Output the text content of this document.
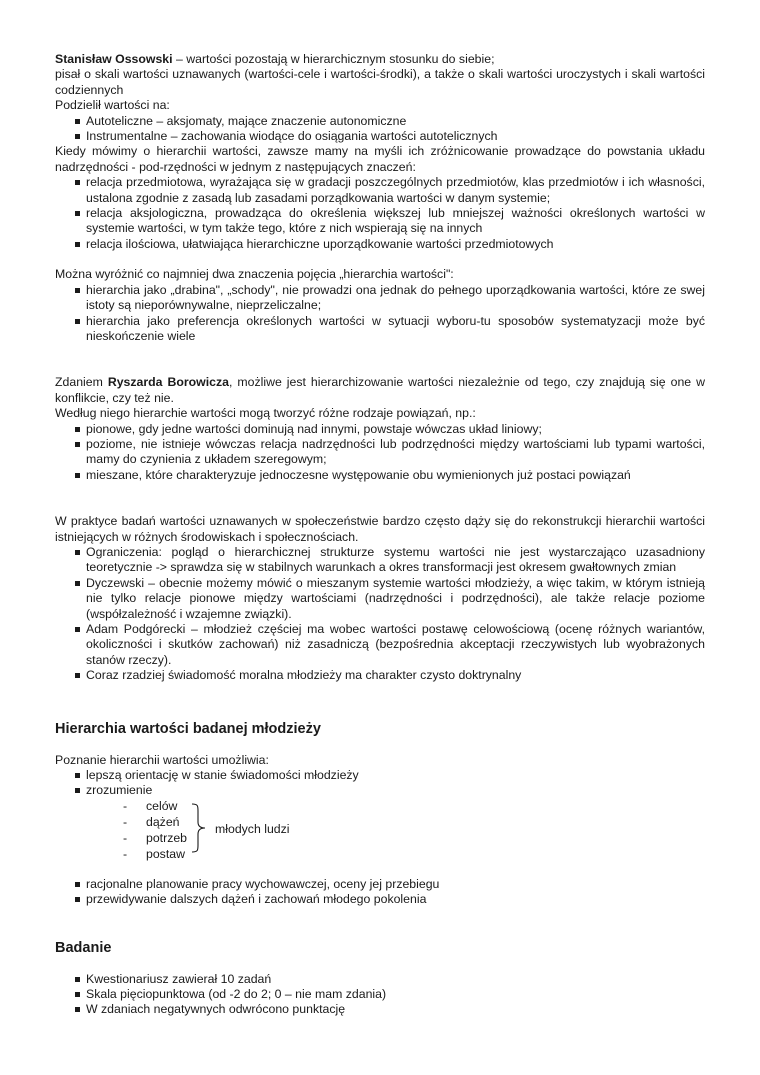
Stanisław Ossowski – wartości pozostają w hierarchicznym stosunku do siebie;

pisał o skali wartości uznawanych (wartości-cele i wartości-środki), a także o skali wartości uroczystych i skali wartości codziennych

Podzielił wartości na:

Autoteliczne – aksjomaty, mające znaczenie autonomiczne
Instrumentalne – zachowania wiodące do osiągania wartości autotelicznych

Kiedy mówimy o hierarchii wartości, zawsze mamy na myśli ich zróżnicowanie prowadzące do powstania układu nadrzędności - pod-rzędności w jednym z następujących znaczeń:

relacja przedmiotowa, wyrażająca się w gradacji poszczególnych przedmiotów, klas przedmiotów i ich własności, ustalona zgodnie z zasadą lub zasadami porządkowania wartości w danym systemie;
relacja aksjologiczna, prowadząca do określenia większej lub mniejszej ważności określonych wartości w systemie wartości, w tym także tego, które z nich wspierają się na innych
relacja ilościowa, ułatwiająca hierarchiczne uporządkowanie wartości przedmiotowych

Można wyróżnić co najmniej dwa znaczenia pojęcia „hierarchia wartości":

hierarchia jako „drabina", „schody", nie prowadzi ona jednak do pełnego uporządkowania wartości, które ze swej istoty są nieporównywalne, nieprzeliczalne;
hierarchia jako preferencja określonych wartości w sytuacji wyboru-tu sposobów systematyzacji może być nieskończenie wiele

Zdaniem Ryszarda Borowicza, możliwe jest hierarchizowanie wartości niezależnie od tego, czy znajdują się one w konflikcie, czy też nie.

Według niego hierarchie wartości mogą tworzyć różne rodzaje powiązań, np.:

pionowe, gdy jedne wartości dominują nad innymi, powstaje wówczas układ liniowy;
poziome, nie istnieje wówczas relacja nadrzędności lub podrzędności między wartościami lub typami wartości, mamy do czynienia z układem szeregowym;
mieszane, które charakteryzuje jednoczesne występowanie obu wymienionych już postaci powiązań

W praktyce badań wartości uznawanych w społeczeństwie bardzo często dąży się do rekonstrukcji hierarchii wartości istniejących w różnych środowiskach i społecznościach.

Ograniczenia: pogląd o hierarchicznej strukturze systemu wartości nie jest wystarczająco uzasadniony teoretycznie -> sprawdza się w stabilnych warunkach a okres transformacji jest okresem gwałtownych zmian
Dyczewski – obecnie możemy mówić o mieszanym systemie wartości młodzieży, a więc takim, w którym istnieją nie tylko relacje pionowe między wartościami (nadrzędności i podrzędności), ale także relacje poziome (współzależność i wzajemne związki).
Adam Podgórecki – młodzież częściej ma wobec wartości postawę celowościową (ocenę różnych wariantów, okoliczności i skutków zachowań) niż zasadniczą (bezpośrednia akceptacji rzeczywistych lub wyobrażonych stanów rzeczy).
Coraz rzadziej świadomość moralna młodzieży ma charakter czysto doktrynalny
Hierarchia wartości badanej młodzieży

Poznanie hierarchii wartości umożliwia:

lepszą orientację w stanie świadomości młodzieży
zrozumienie
- celów
- dążeń
- potrzeb
- postaw
młodych ludzi
racjonalne planowanie pracy wychowawczej, oceny jej przebiegu
przewidywanie dalszych dążeń i zachowań młodego pokolenia
Badanie
Kwestionariusz zawierał 10 zadań
Skala pięciopunktowa (od -2 do 2; 0 – nie mam zdania)
W zdaniach negatywnych odwrócono punktację
